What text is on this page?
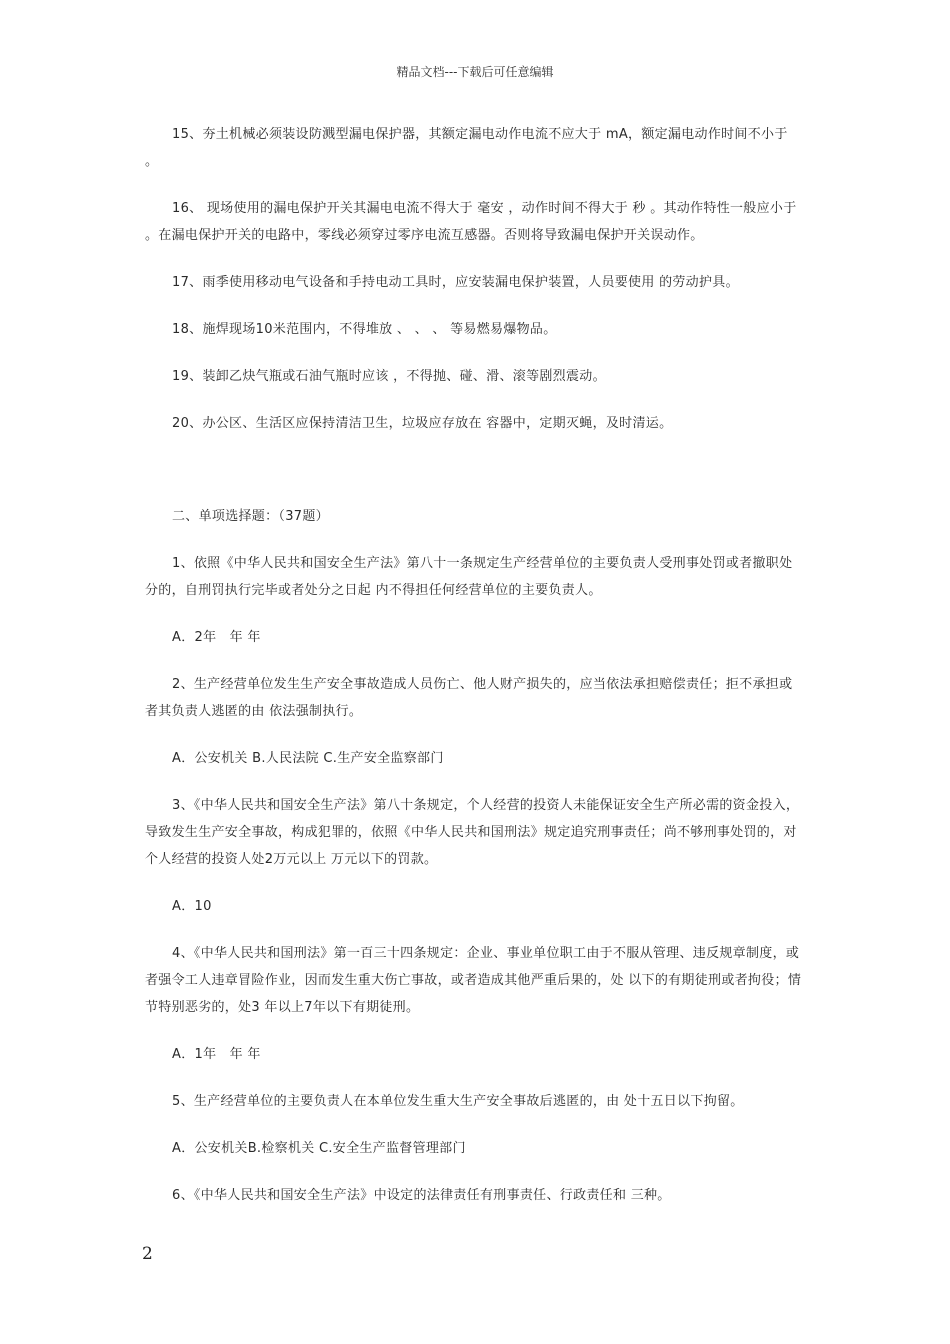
精品文档---下载后可任意编辑

15、夯土机械必须装设防溅型漏电保护器，其额定漏电动作电流不应大于 mA，额定漏电动作时间不小于 。

16、 现场使用的漏电保护开关其漏电电流不得大于 毫安 ，动作时间不得大于 秒 。其动作特性一般应小于 。在漏电保护开关的电路中，零线必须穿过零序电流互感器。否则将导致漏电保护开关误动作。

17、雨季使用移动电气设备和手持电动工具时，应安装漏电保护装置，人员要使用 的劳动护具。

18、施焊现场10米范围内，不得堆放 、 、 、 等易燃易爆物品。

19、装卸乙炔气瓶或石油气瓶时应该 ，不得抛、碰、滑、滚等剧烈震动。

20、办公区、生活区应保持清洁卫生，垃圾应存放在 容器中，定期灭蝇，及时清运。

二、单项选择题：（37题）

1、依照《中华人民共和国安全生产法》第八十一条规定生产经营单位的主要负责人受刑事处罚或者撤职处分的，自刑罚执行完毕或者处分之日起 内不得担任何经营单位的主要负责人。

A．2年　年 年

2、生产经营单位发生生产安全事故造成人员伤亡、他人财产损失的，应当依法承担赔偿责任；拒不承担或者其负责人逃匿的由 依法强制执行。

A．公安机关 B.人民法院 C.生产安全监察部门

3、《中华人民共和国安全生产法》第八十条规定，个人经营的投资人未能保证安全生产所必需的资金投入，导致发生生产安全事故，构成犯罪的，依照《中华人民共和国刑法》规定追究刑事责任；尚不够刑事处罚的，对个人经营的投资人处2万元以上 万元以下的罚款。

A．10

4、《中华人民共和国刑法》第一百三十四条规定：企业、事业单位职工由于不服从管理、违反规章制度，或者强令工人违章冒险作业，因而发生重大伤亡事故，或者造成其他严重后果的，处 以下的有期徒刑或者拘役；情节特别恶劣的，处3 年以上7年以下有期徒刑。

A．1年　年 年

5、生产经营单位的主要负责人在本单位发生重大生产安全事故后逃匿的，由 处十五日以下拘留。

A．公安机关B.检察机关 C.安全生产监督管理部门

6、《中华人民共和国安全生产法》中设定的法律责任有刑事责任、行政责任和 三种。

2
